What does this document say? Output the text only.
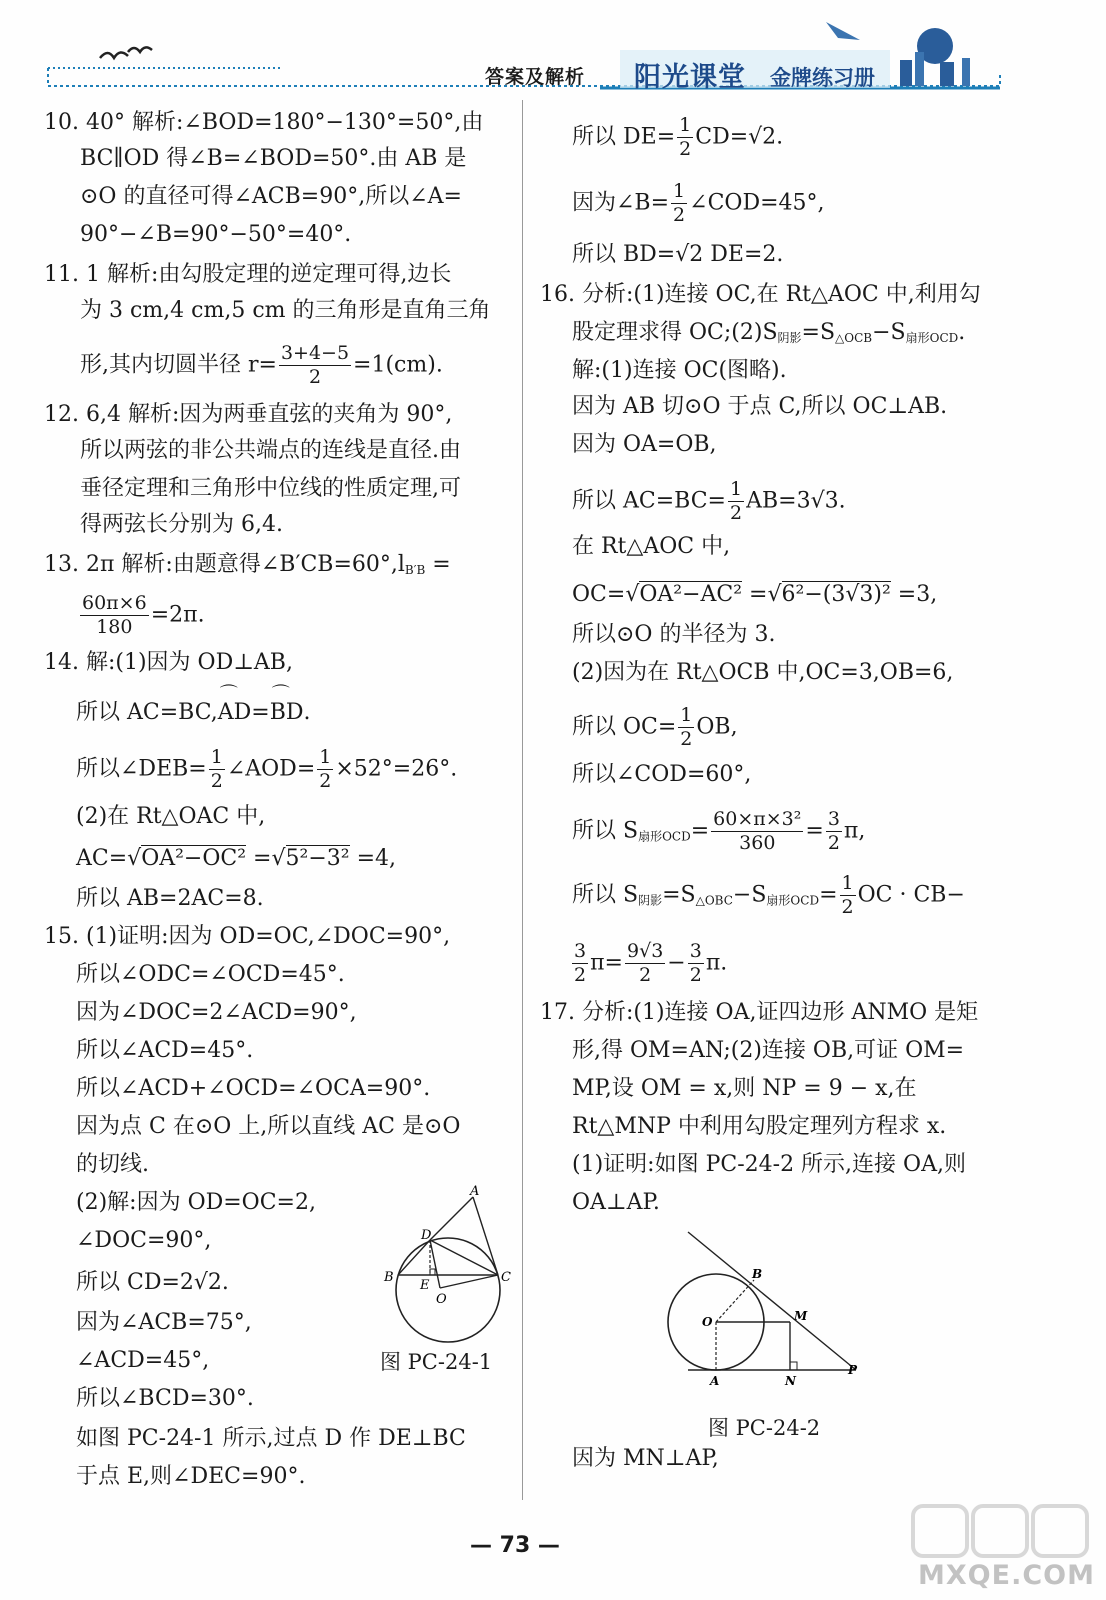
答案及解析 阳光课堂 金牌练习册
10. 40° 解析:∠BOD=180°−130°=50°,由
BC∥OD 得∠B=∠BOD=50°.由 AB 是
⊙O 的直径可得∠ACB=90°,所以∠A=
90°−∠B=90°−50°=40°.
11. 1 解析:由勾股定理的逆定理可得,边长
为 3 cm,4 cm,5 cm 的三角形是直角三角
形,其内切圆半径 $r= \frac{3+4-5}{2} =1(cm)$.
12. 6,4 解析:因为两垂直弦的夹角为 90°,
所以两弦的非公共端点的连线是直径.由
垂径定理和三角形中位线的性质定理,可
得两弦长分别为 6,4.
13. 2π 解析:由题意得$\angle B'CB=60^\circ,l_{B'B}$ =
$\frac{60\pi\times 6}{180} =2\pi$.
14. 解:(1)因为 OD⊥AB,
所以 AC=BC,⌒ AD=⌒ BD.
所以∠DEB= $\frac{1}{2}$ ∠AOD= $\frac{1}{2} \times 52^\circ=26^\circ$.
(2)在 Rt△OAC 中,
AC=√OA²−OC² =√5²−3² =4,
所以 AB=2AC=8.
15. (1)证明:因为 OD=OC,∠DOC=90°,
所以∠ODC=∠OCD=45°.
因为∠DOC=2∠ACD=90°,
所以∠ACD=45°.
所以∠ACD+∠OCD=∠OCA=90°.
因为点 C 在⊙O 上,所以直线 AC 是⊙O
的切线.
(2)解:因为 OD=OC=2,
∠DOC=90°,
所以 CD=2√2.
因为∠ACB=75°,
∠ACD=45°,
所以∠BCD=30°.
如图 PC-24-1 所示,过点 D 作 DE⊥BC
于点 E,则∠DEC=90°.
A
D
B
E
O
C
图 PC-24-1
所以 $DE= \frac{1}{2} CD=√2$.
因为∠B= $\frac{1}{2}$ ∠COD=45°,
所以 BD=√2 DE=2.
16. 分析:(1)连接 OC,在 Rt△AOC 中,利用勾
股定理求得 $OC;(2)S_{阴影}=S_{\triangle OCB}-S_{扇形OCD}$.
解:(1)连接 OC(图略).
因为 AB 切⊙O 于点 C,所以 OC⊥AB.
因为 OA=OB,
所以 $AC=BC= \frac{1}{2} AB=3√3$.
在 Rt△AOC 中,
OC=√OA²−AC² =√6²−(3√3)² =3,
所以⊙O 的半径为 3.
(2)因为在 Rt△OCB 中,OC=3,OB=6,
所以 $OC= \frac{1}{2}$ OB,
所以∠COD=60°,
所以 $S_{扇形OCD}= \frac{\text{60×π×3²}}{360} = \frac{3}{2} \pi$,
所以 $S_{阴影}=S_{\triangle OBC}-S_{扇形OCD}= \frac{1}{2}$ OC · CB−
$\frac{3}{2} \pi= \frac{9√3}{2} - \frac{3}{2} \pi$.
17. 分析:(1)连接 OA,证四边形 ANMO 是矩
形,得 OM=AN;(2)连接 OB,可证 OM=
MP,设 OM = x,则 NP = 9 − x,在
Rt△MNP 中利用勾股定理列方程求 x.
(1)证明:如图 PC-24-2 所示,连接 OA,则
OA⊥AP.
因为 MN⊥AP,
B
O	M
A	N
P
图 PC-24-2
— 73 —
MXQE.COM
